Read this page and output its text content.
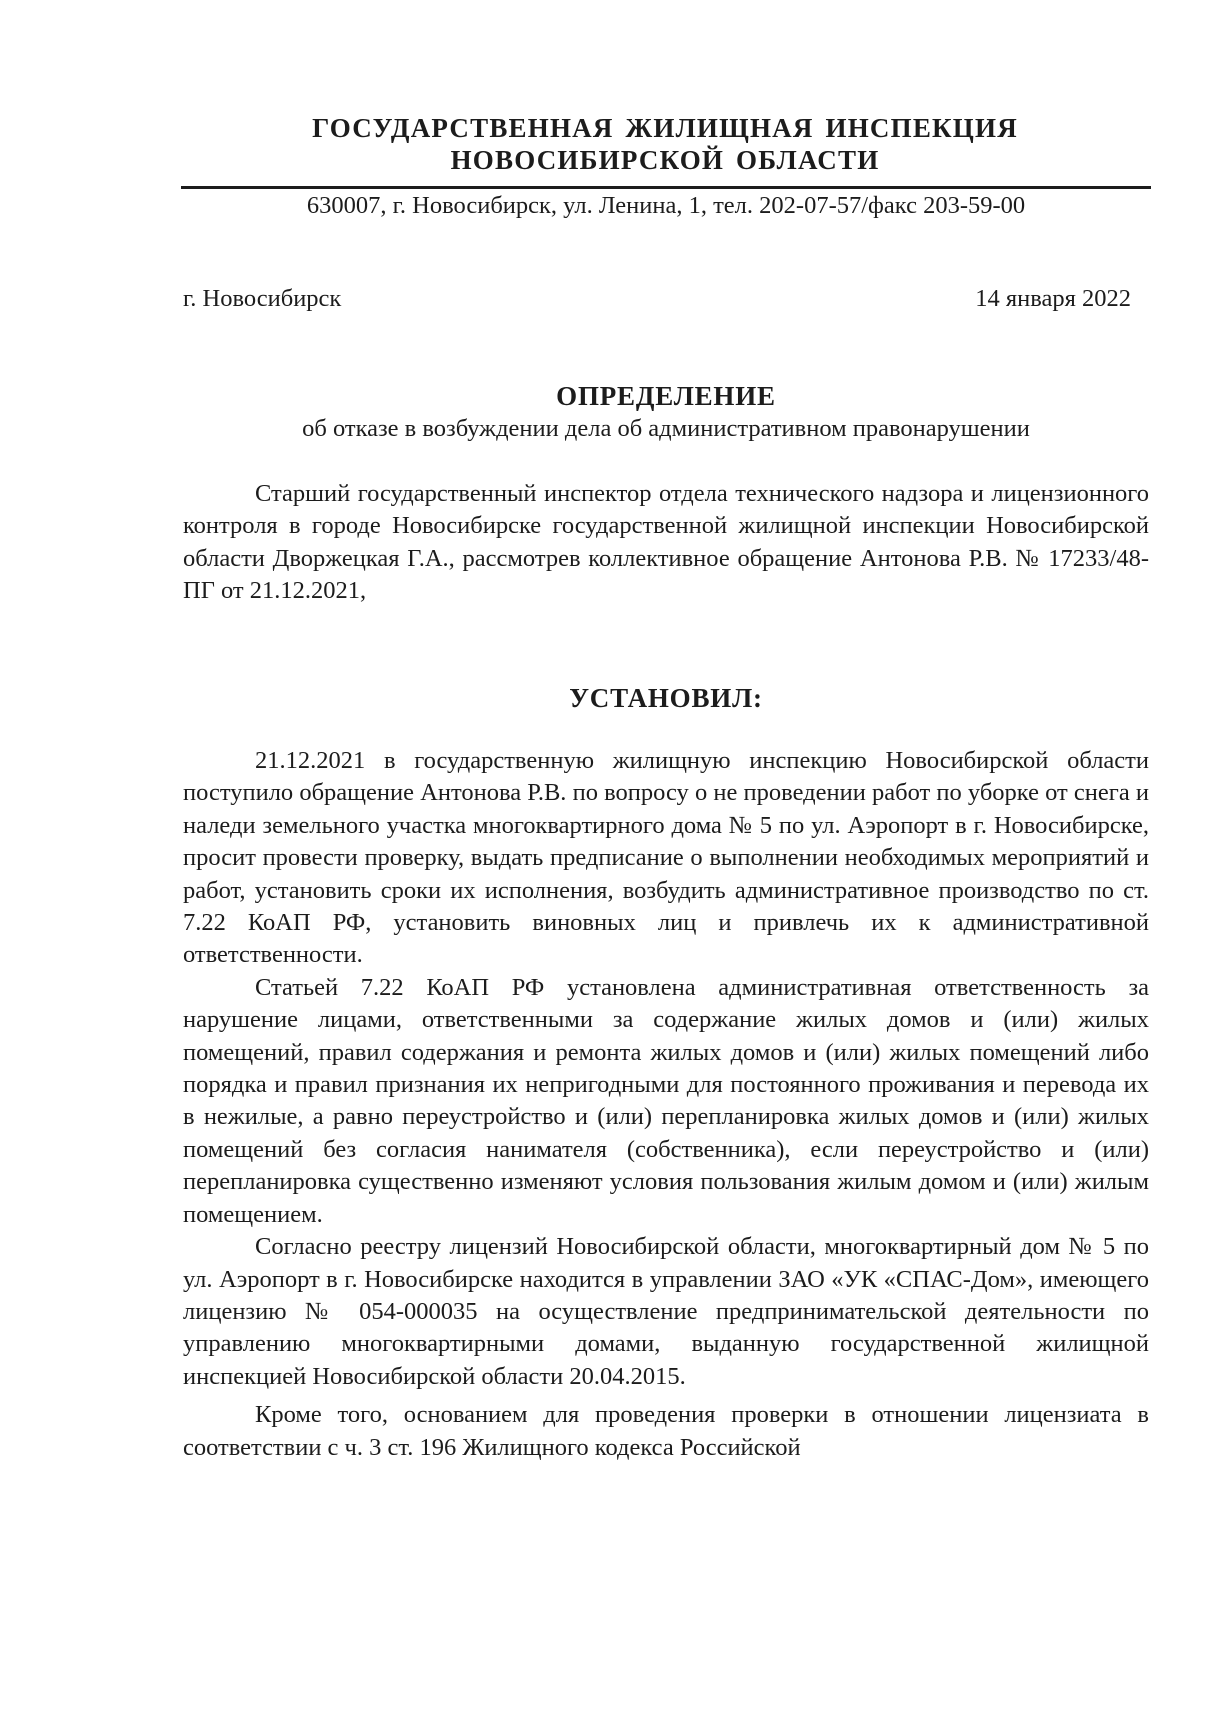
ГОСУДАРСТВЕННАЯ ЖИЛИЩНАЯ ИНСПЕКЦИЯ
НОВОСИБИРСКОЙ ОБЛАСТИ
630007, г. Новосибирск, ул. Ленина, 1, тел. 202-07-57/факс 203-59-00
г. Новосибирск	14 января 2022
ОПРЕДЕЛЕНИЕ
об отказе в возбуждении дела об административном правонарушении

Старший государственный инспектор отдела технического надзора и лицензионного контроля в городе Новосибирске государственной жилищной инспекции Новосибирской области Дворжецкая Г.А., рассмотрев коллективное обращение Антонова Р.В. № 17233/48-ПГ от 21.12.2021,

УСТАНОВИЛ:

21.12.2021 в государственную жилищную инспекцию Новосибирской области поступило обращение Антонова Р.В. по вопросу о не проведении работ по уборке от снега и наледи земельного участка многоквартирного дома № 5 по ул. Аэропорт в г. Новосибирске, просит провести проверку, выдать предписание о выполнении необходимых мероприятий и работ, установить сроки их исполнения, возбудить административное производство по ст. 7.22 КоАП РФ, установить виновных лиц и привлечь их к административной ответственности.

Статьей 7.22 КоАП РФ установлена административная ответственность за нарушение лицами, ответственными за содержание жилых домов и (или) жилых помещений, правил содержания и ремонта жилых домов и (или) жилых помещений либо порядка и правил признания их непригодными для постоянного проживания и перевода их в нежилые, а равно переустройство и (или) перепланировка жилых домов и (или) жилых помещений без согласия нанимателя (собственника), если переустройство и (или) перепланировка существенно изменяют условия пользования жилым домом и (или) жилым помещением.

Согласно реестру лицензий Новосибирской области, многоквартирный дом № 5 по ул. Аэропорт в г. Новосибирске находится в управлении ЗАО «УК «СПАС-Дом», имеющего лицензию № 054-000035 на осуществление предпринимательской деятельности по управлению многоквартирными домами, выданную государственной жилищной инспекцией Новосибирской области 20.04.2015.

Кроме того, основанием для проведения проверки в отношении лицензиата в соответствии с ч. 3 ст. 196 Жилищного кодекса Российской
